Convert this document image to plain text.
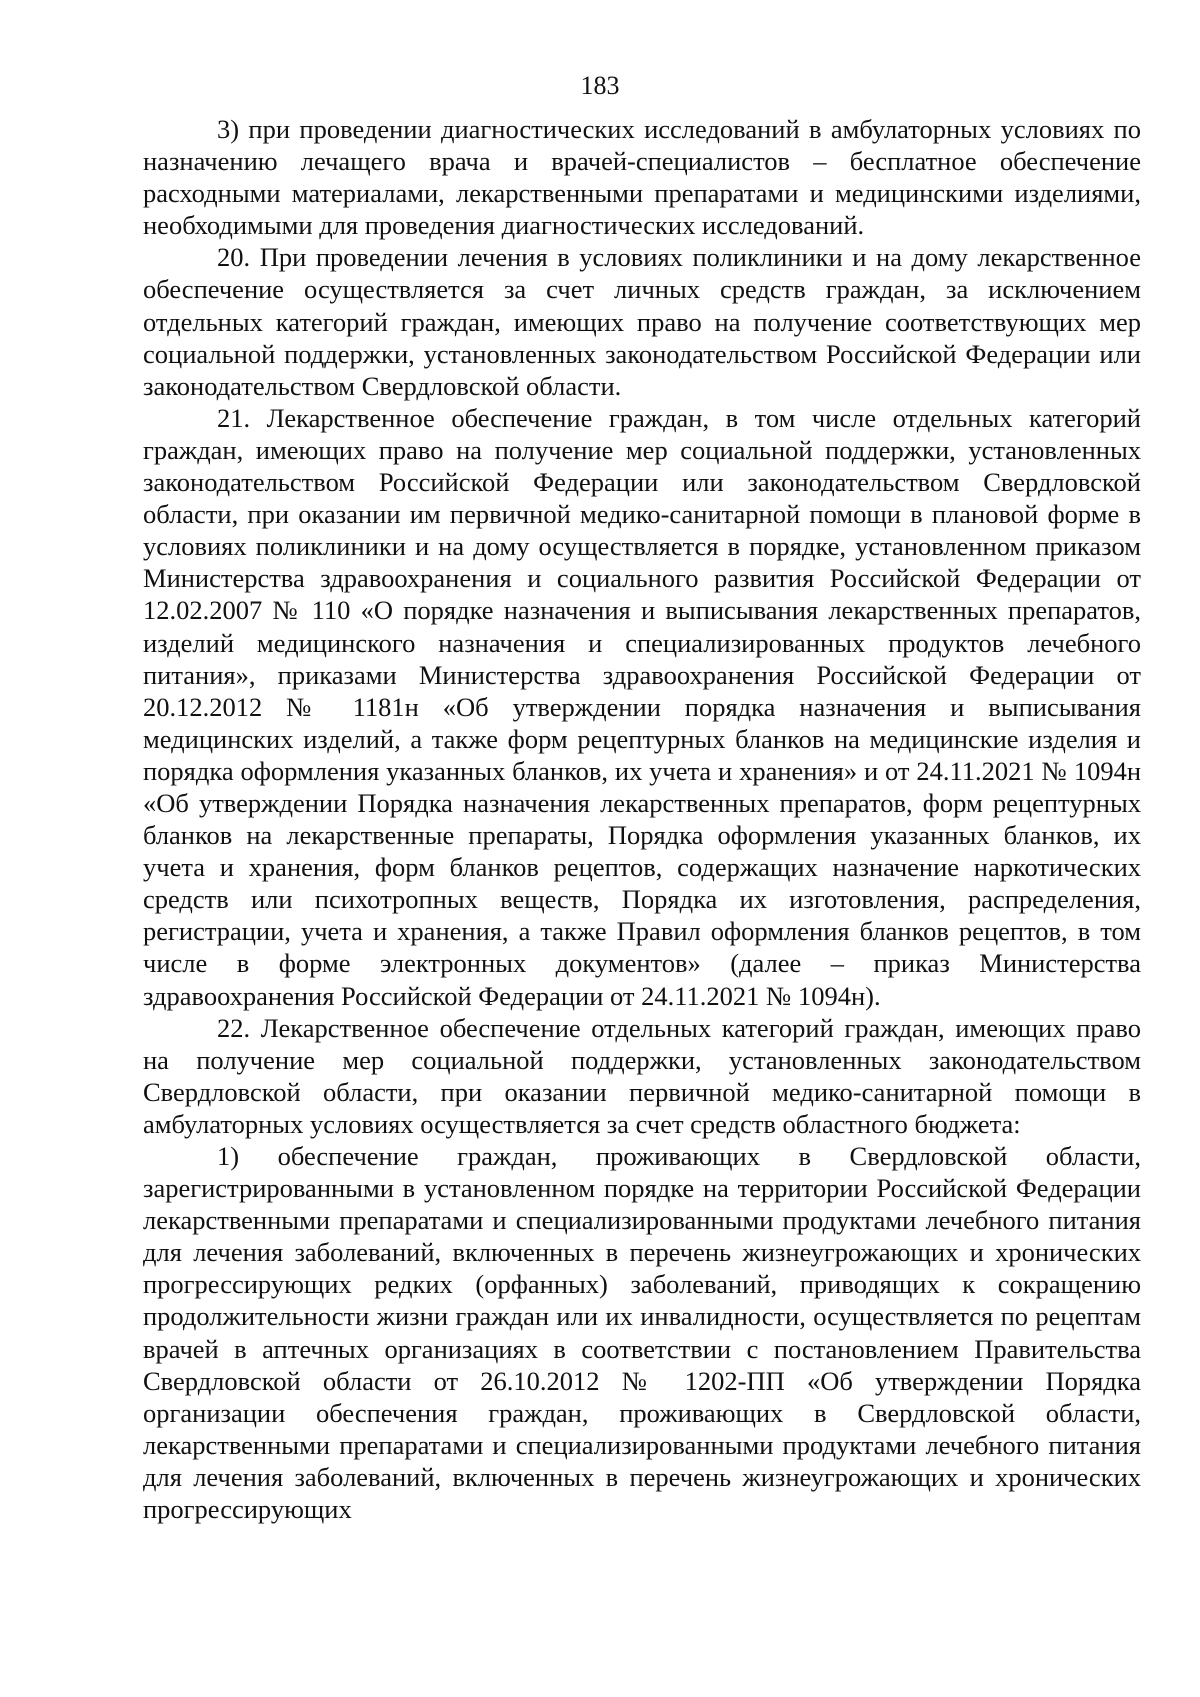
183

3) при проведении диагностических исследований в амбулаторных условиях по назначению лечащего врача и врачей-специалистов – бесплатное обеспечение расходными материалами, лекарственными препаратами и медицинскими изделиями, необходимыми для проведения диагностических исследований.

20. При проведении лечения в условиях поликлиники и на дому лекарственное обеспечение осуществляется за счет личных средств граждан, за исключением отдельных категорий граждан, имеющих право на получение соответствующих мер социальной поддержки, установленных законодательством Российской Федерации или законодательством Свердловской области.

21. Лекарственное обеспечение граждан, в том числе отдельных категорий граждан, имеющих право на получение мер социальной поддержки, установленных законодательством Российской Федерации или законодательством Свердловской области, при оказании им первичной медико-санитарной помощи в плановой форме в условиях поликлиники и на дому осуществляется в порядке, установленном приказом Министерства здравоохранения и социального развития Российской Федерации от 12.02.2007 № 110 «О порядке назначения и выписывания лекарственных препаратов, изделий медицинского назначения и специализированных продуктов лечебного питания», приказами Министерства здравоохранения Российской Федерации от 20.12.2012 № 1181н «Об утверждении порядка назначения и выписывания медицинских изделий, а также форм рецептурных бланков на медицинские изделия и порядка оформления указанных бланков, их учета и хранения» и от 24.11.2021 № 1094н «Об утверждении Порядка назначения лекарственных препаратов, форм рецептурных бланков на лекарственные препараты, Порядка оформления указанных бланков, их учета и хранения, форм бланков рецептов, содержащих назначение наркотических средств или психотропных веществ, Порядка их изготовления, распределения, регистрации, учета и хранения, а также Правил оформления бланков рецептов, в том числе в форме электронных документов» (далее – приказ Министерства здравоохранения Российской Федерации от 24.11.2021 № 1094н).

22. Лекарственное обеспечение отдельных категорий граждан, имеющих право на получение мер социальной поддержки, установленных законодательством Свердловской области, при оказании первичной медико-санитарной помощи в амбулаторных условиях осуществляется за счет средств областного бюджета:

1) обеспечение граждан, проживающих в Свердловской области, зарегистрированными в установленном порядке на территории Российской Федерации лекарственными препаратами и специализированными продуктами лечебного питания для лечения заболеваний, включенных в перечень жизнеугрожающих и хронических прогрессирующих редких (орфанных) заболеваний, приводящих к сокращению продолжительности жизни граждан или их инвалидности, осуществляется по рецептам врачей в аптечных организациях в соответствии с постановлением Правительства Свердловской области от 26.10.2012 № 1202-ПП «Об утверждении Порядка организации обеспечения граждан, проживающих в Свердловской области, лекарственными препаратами и специализированными продуктами лечебного питания для лечения заболеваний, включенных в перечень жизнеугрожающих и хронических прогрессирующих
